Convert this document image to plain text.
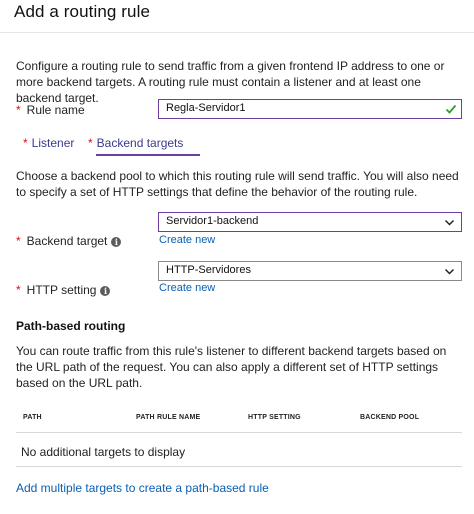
Add a routing rule
Configure a routing rule to send traffic from a given frontend IP address to one or more backend targets. A routing rule must contain a listener and at least one backend target.
* Rule name	Regla-Servidor1
* Listener * Backend targets
Choose a backend pool to which this routing rule will send traffic. You will also need to specify a set of HTTP settings that define the behavior of the routing rule.
Servidor1-backend
* Backend target i	Create new
HTTP-Servidores
* HTTP setting i	Create new
Path-based routing
You can route traffic from this rule's listener to different backend targets based on the URL path of the request. You can also apply a different set of HTTP settings based on the URL path.
PATH	PATH RULE NAME	HTTP SETTING	BACKEND POOL
No additional targets to display
Add multiple targets to create a path-based rule
